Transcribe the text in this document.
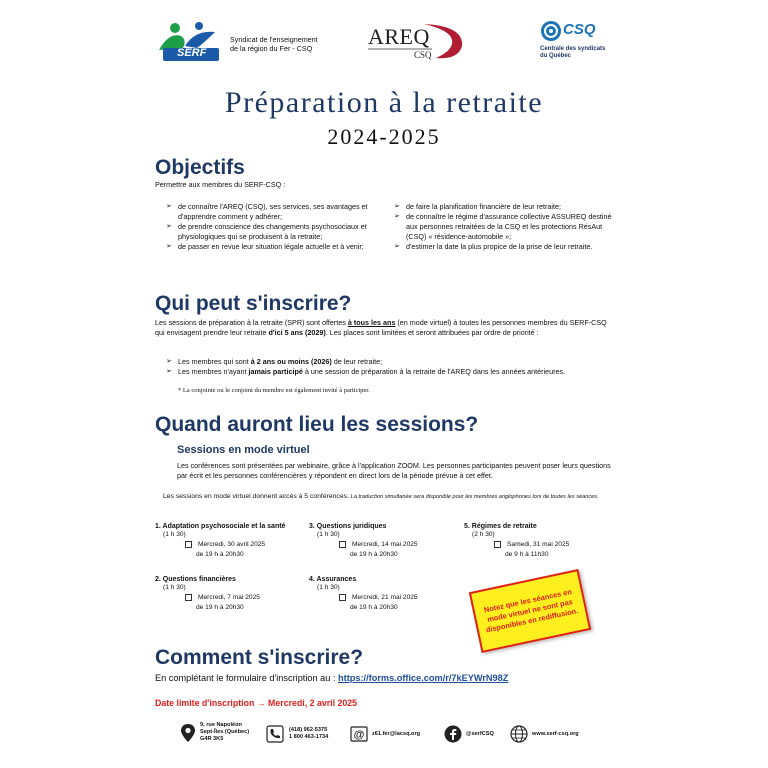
SERF
Syndicat de l'enseignement
de la région du Fer - CSQ	AREQ
CSQ
CSQ
Centrale des syndicats
du Québec
Préparation à la retraite
2024-2025
Objectifs
Permettre aux membres du SERF-CSQ :
➢ de connaître l'AREQ (CSQ), ses services, ses avantages et d'apprendre comment y adhérer;
➢ de prendre conscience des changements psychosociaux et physiologiques qui se produisent à la retraite;
➢ de passer en revue leur situation légale actuelle et à venir;
➢ de faire la planification financière de leur retraite;
➢ de connaître le régime d'assurance collective ASSUREQ destiné aux personnes retraitées de la CSQ et les protections RésAut (CSQ) « résidence-automobile »;
➢ d'estimer la date la plus propice de la prise de leur retraite.
Qui peut s'inscrire?
Les sessions de préparation à la retraite (SPR) sont offertes à tous les ans (en mode virtuel) à toutes les personnes membres du SERF-CSQ qui envisagent prendre leur retraite d'ici 5 ans (2029). Les places sont limitées et seront attribuées par ordre de priorité :
➢ Les membres qui sont à 2 ans ou moins (2026) de leur retraite;
➢ Les membres n'ayant jamais participé à une session de préparation à la retraite de l'AREQ dans les années antérieures.
* La conjointe ou le conjoint du membre est également invité à participer.
Quand auront lieu les sessions?
Sessions en mode virtuel
Les conférences sont présentées par webinaire, grâce à l'application ZOOM. Les personnes participantes peuvent poser leurs questions par écrit et les personnes conférencières y répondent en direct lors de la période prévue à cet effet.
Les sessions en mode virtuel donnent accès à 5 conférences. La traduction simultanée sera disponible pour les membres anglophones lors de toutes les séances.
1. Adaptation psychosociale et la santé
(1 h 30)
Mercredi, 30 avril 2025
de 19 h à 20h30
3. Questions juridiques
(1 h 30)
Mercredi, 14 mai 2025
de 19 h à 20h30
5. Régimes de retraite
(2 h 30)
Samedi, 31 mai 2025
de 9 h à 11h30
2. Questions financières
(1 h 30)
Mercredi, 7 mai 2025
de 19 h à 20h30
4. Assurances
(1 h 30)
Mercredi, 21 mai 2025
de 19 h à 20h30	Notez que les séances en mode virtuel ne sont pas disponibles en rediffusion.
Comment s'inscrire?
En complétant le formulaire d'inscription au : https://forms.office.com/r/7kEYWrN98Z
Date limite d'inscription → Mercredi, 2 avril 2025
9, rue Napoléon
Sept-Îles (Québec)
G4R 3K5
(418) 962-5375
1 800 463-1734 @ z61.fer@lacsq.org	@serfCSQ	www.serf-csq.org
